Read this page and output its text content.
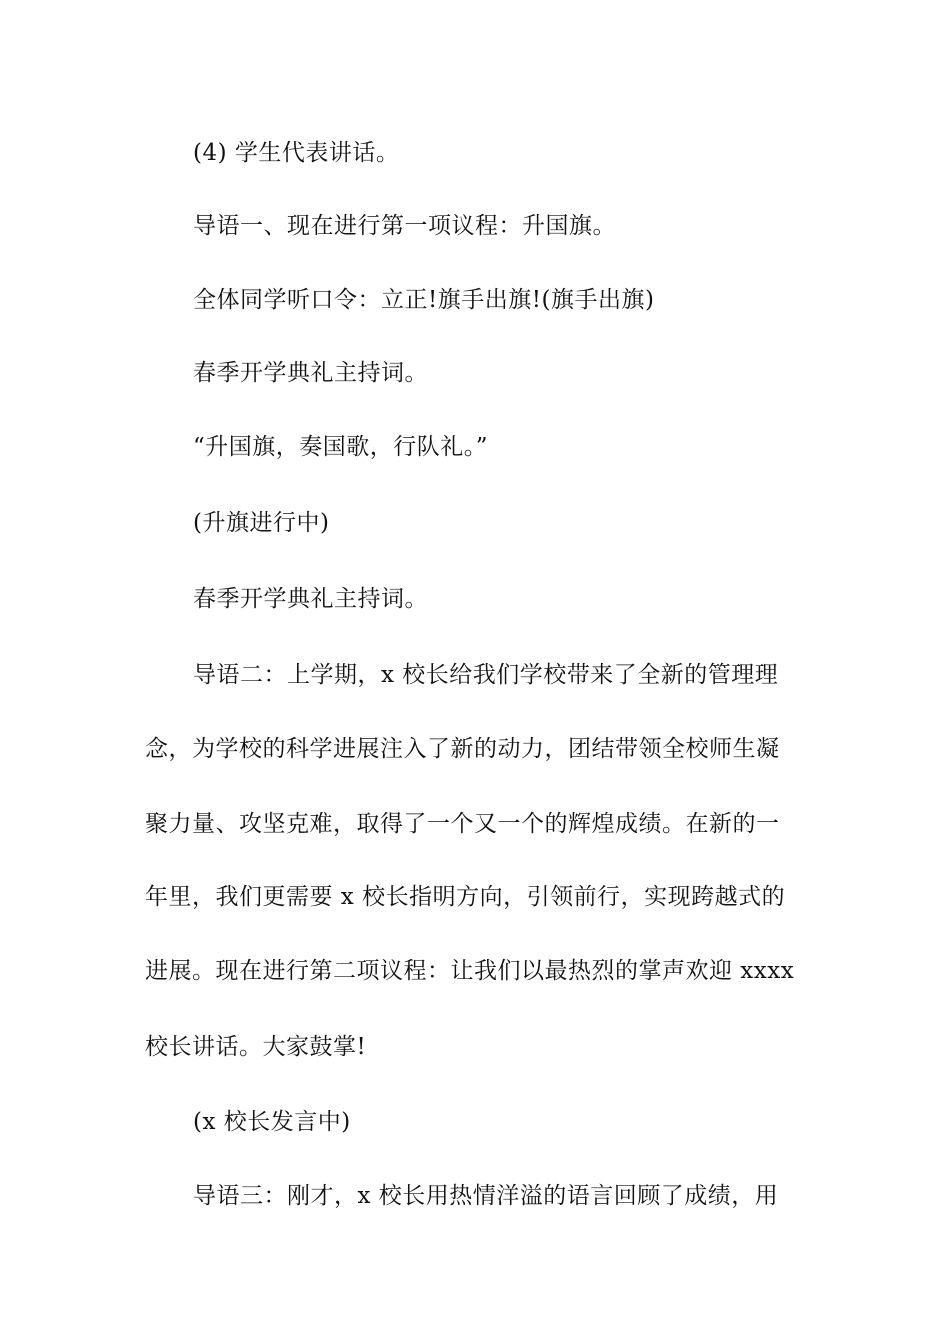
(4) 学生代表讲话。
导语一、现在进行第一项议程：升国旗。
全体同学听口令：立正!旗手出旗!(旗手出旗)
春季开学典礼主持词。
“升国旗，奏国歌，行队礼。”
(升旗进行中)
春季开学典礼主持词。
导语二：上学期，x 校长给我们学校带来了全新的管理理
念，为学校的科学进展注入了新的动力，团结带领全校师生凝
聚力量、攻坚克难，取得了一个又一个的辉煌成绩。在新的一
年里，我们更需要 x 校长指明方向，引领前行，实现跨越式的
进展。现在进行第二项议程：让我们以最热烈的掌声欢迎 xxxx
校长讲话。大家鼓掌!
(x 校长发言中)
导语三：刚才，x 校长用热情洋溢的语言回顾了成绩，用
